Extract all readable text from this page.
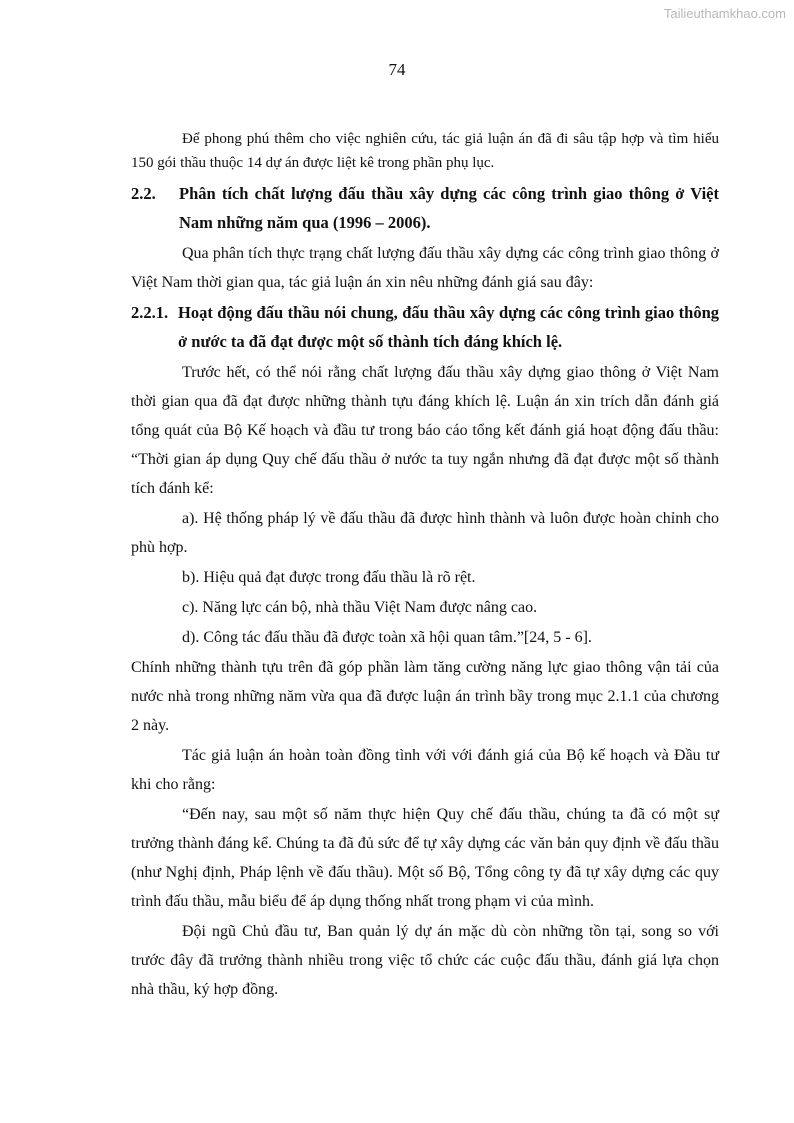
Tailieuthamkhao.com
74

Để phong phú thêm cho việc nghiên cứu, tác giả luận án đã đi sâu tập hợp và tìm hiểu 150 gói thầu thuộc 14 dự án được liệt kê trong phần phụ lục.

2.2.	Phân tích chất lượng đấu thầu xây dựng các công trình giao thông ở Việt Nam những năm qua (1996 – 2006).

Qua phân tích thực trạng chất lượng đấu thầu xây dựng các công trình giao thông ở Việt Nam thời gian qua, tác giả luận án xin nêu những đánh giá sau đây:

2.2.1. Hoạt động đấu thầu nói chung, đấu thầu xây dựng các công trình giao thông ở nước ta đã đạt được một số thành tích đáng khích lệ.

Trước hết, có thể nói rằng chất lượng đấu thầu xây dựng giao thông ở Việt Nam thời gian qua đã đạt được những thành tựu đáng khích lệ. Luận án xin trích dẫn đánh giá tổng quát của Bộ Kế hoạch và đầu tư trong báo cáo tổng kết đánh giá hoạt động đấu thầu: “Thời gian áp dụng Quy chế đấu thầu ở nước ta tuy ngắn nhưng đã đạt được một số thành tích đánh kể:

a). Hệ thống pháp lý về đấu thầu đã được hình thành và luôn được hoàn chỉnh cho phù hợp.

b). Hiệu quả đạt được trong đấu thầu là rõ rệt.

c). Năng lực cán bộ, nhà thầu Việt Nam được nâng cao.

d). Công tác đấu thầu đã được toàn xã hội quan tâm.”[24, 5 - 6].

Chính những thành tựu trên đã góp phần làm tăng cường năng lực giao thông vận tải của nước nhà trong những năm vừa qua đã được luận án trình bầy trong mục 2.1.1 của chương 2 này.

Tác giả luận án hoàn toàn đồng tình với với đánh giá của Bộ kế hoạch và Đầu tư khi cho rằng:

“Đến nay, sau một số năm thực hiện Quy chế đấu thầu, chúng ta đã có một sự trưởng thành đáng kể. Chúng ta đã đủ sức để tự xây dựng các văn bản quy định về đấu thầu (như Nghị định, Pháp lệnh về đấu thầu). Một số Bộ, Tổng công ty đã tự xây dựng các quy trình đấu thầu, mẫu biểu để áp dụng thống nhất trong phạm vi của mình.

Đội ngũ Chủ đầu tư, Ban quản lý dự án mặc dù còn những tồn tại, song so với trước đây đã trưởng thành nhiều trong việc tổ chức các cuộc đấu thầu, đánh giá lựa chọn nhà thầu, ký hợp đồng.
